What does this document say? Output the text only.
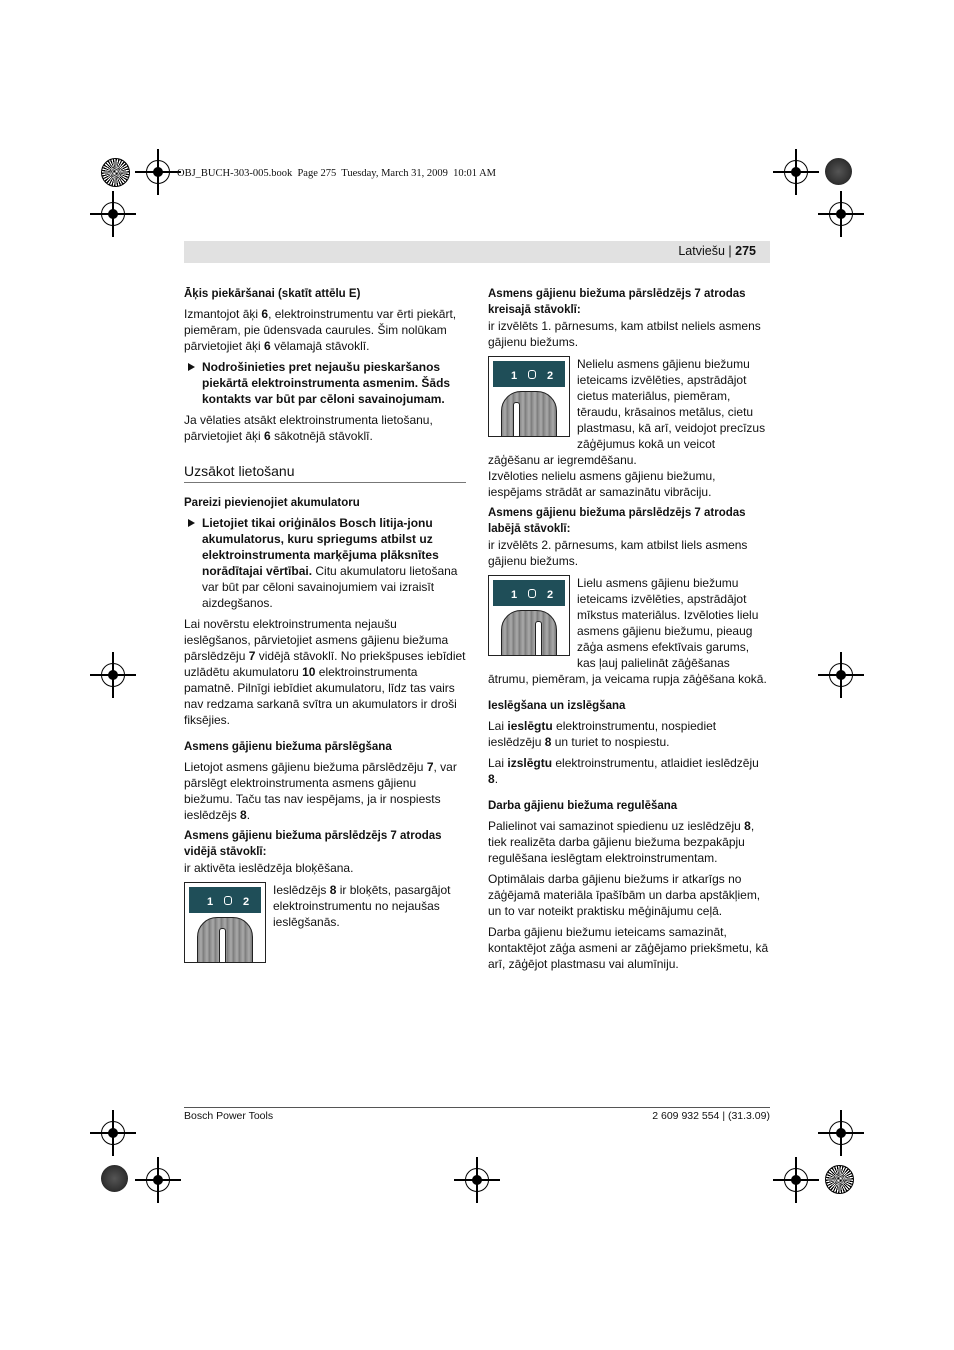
OBJ_BUCH-303-005.book  Page 275  Tuesday, March 31, 2009  10:01 AM
Latviešu | 275
Āķis piekāršanai (skatīt attēlu E)

Izmantojot āķi 6, elektroinstrumentu var ērti piekārt, piemēram, pie ūdensvada caurules. Šim nolūkam pārvietojiet āķi 6 vēlamajā stāvoklī.

Nodrošinieties pret nejaušu pieskaršanos piekārtā elektroinstrumenta asmenim. Šāds kontakts var būt par cēloni savainojumam.

Ja vēlaties atsākt elektroinstrumenta lietošanu, pārvietojiet āķi 6 sākotnējā stāvoklī.

Uzsākot lietošanu
Pareizi pievienojiet akumulatoru

Lietojiet tikai oriģinālos Bosch litija-jonu akumulatorus, kuru spriegums atbilst uz elektroinstrumenta marķējuma plāksnītes norādītajai vērtībai. Citu akumulatoru lietošana var būt par cēloni savainojumiem vai izraisīt aizdegšanos.

Lai novērstu elektroinstrumenta nejaušu ieslēgšanos, pārvietojiet asmens gājienu biežuma pārslēdzēju 7 vidējā stāvoklī. No priekšpuses iebīdiet uzlādētu akumulatoru 10 elektroinstrumenta pamatnē. Pilnīgi iebīdiet akumulatoru, līdz tas vairs nav redzama sarkanā svītra un akumulators ir droši fiksējies.

Asmens gājienu biežuma pārslēgšana

Lietojot asmens gājienu biežuma pārslēdzēju 7, var pārslēgt elektroinstrumenta asmens gājienu biežumu. Taču tas nav iespējams, ja ir nospiests ieslēdzējs 8.

Asmens gājienu biežuma pārslēdzējs 7 atrodas vidējā stāvoklī:

ir aktivēta ieslēdzēja bloķēšana.

1	2

Ieslēdzējs 8 ir bloķēts, pasargājot elektroinstrumentu no nejaušas ieslēgšanās.

Asmens gājienu biežuma pārslēdzējs 7 atrodas kreisajā stāvoklī:

ir izvēlēts 1. pārnesums, kam atbilst neliels asmens gājienu biežums.

1	2

Nelielu asmens gājienu biežumu ieteicams izvēlēties, apstrādājot cietus materiālus, piemēram, tēraudu, krāsainos metālus, cietu plastmasu, kā arī, veidojot precīzus zāģējumus kokā un veicot zāģēšanu ar iegremdēšanu.

Izvēloties nelielu asmens gājienu biežumu, iespējams strādāt ar samazinātu vibrāciju.

Asmens gājienu biežuma pārslēdzējs 7 atrodas labējā stāvoklī:

ir izvēlēts 2. pārnesums, kam atbilst liels asmens gājienu biežums.

1	2

Lielu asmens gājienu biežumu ieteicams izvēlēties, apstrādājot mīkstus materiālus. Izvēloties lielu asmens gājienu biežumu, pieaug zāģa asmens efektīvais garums, kas ļauj palielināt zāģēšanas ātrumu, piemēram, ja veicama rupja zāģēšana kokā.

Ieslēgšana un izslēgšana

Lai ieslēgtu elektroinstrumentu, nospiediet ieslēdzēju 8 un turiet to nospiestu.

Lai izslēgtu elektroinstrumentu, atlaidiet ieslēdzēju 8.

Darba gājienu biežuma regulēšana

Palielinot vai samazinot spiedienu uz ieslēdzēju 8, tiek realizēta darba gājienu biežuma bezpakāpju regulēšana ieslēgtam elektroinstrumentam.

Optimālais darba gājienu biežums ir atkarīgs no zāģējamā materiāla īpašībām un darba apstākļiem, un to var noteikt praktisku mēģinājumu ceļā.

Darba gājienu biežumu ieteicams samazināt, kontaktējot zāģa asmeni ar zāģējamo priekšmetu, kā arī, zāģējot plastmasu vai alumīniju.

Bosch Power Tools	2 609 932 554 | (31.3.09)
